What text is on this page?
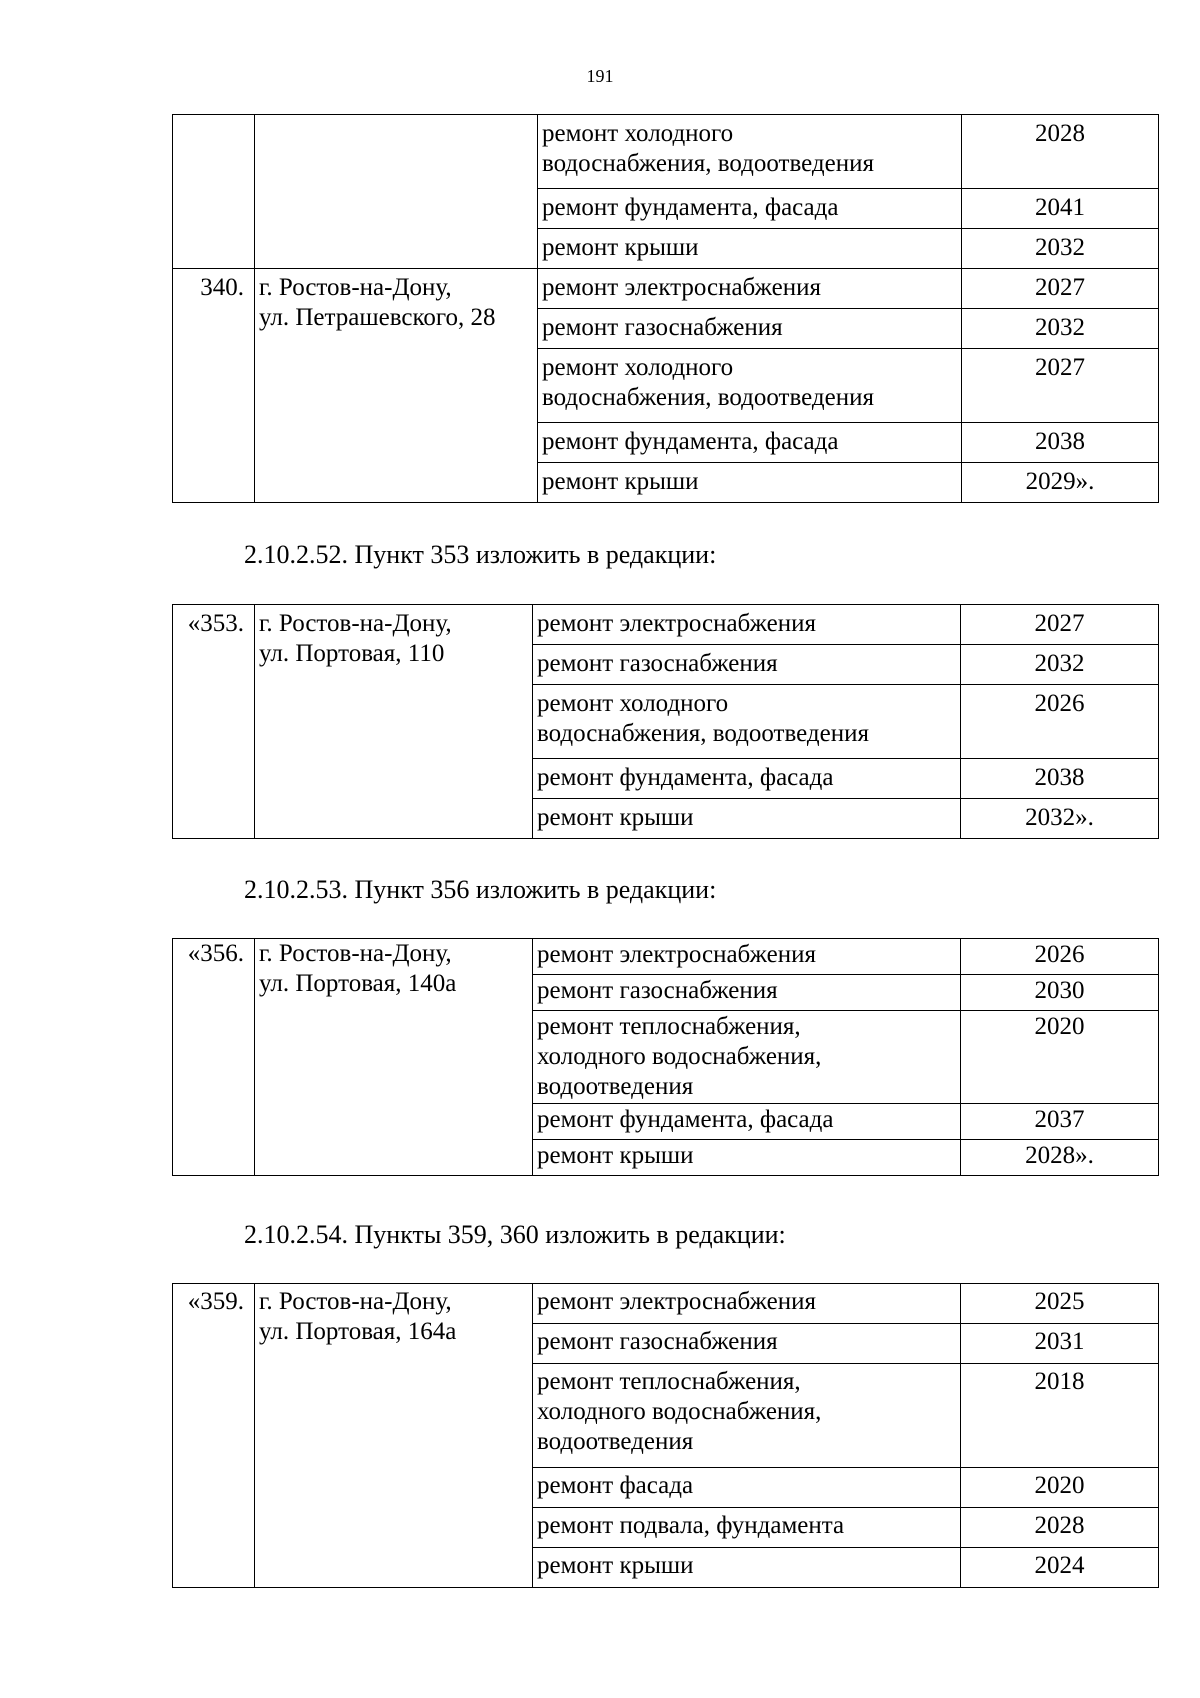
191

		ремонт холодного
водоснабжения, водоотведения	2028
		ремонт фундамента, фасада	2041
		ремонт крыши	2032
340.	г. Ростов-на-Дону,
ул. Петрашевского, 28	ремонт электроснабжения	2027
		ремонт газоснабжения	2032

		ремонт холодного
водоснабжения, водоотведения	2027
		ремонт фундамента, фасада	2038
		ремонт крыши	2029».
2.10.2.52. Пункт 353 изложить в редакции:
«353.	г. Ростов-на-Дону,
ул. Портовая, 110	ремонт электроснабжения	2027
		ремонт газоснабжения	2032

		ремонт холодного
водоснабжения, водоотведения	2026
		ремонт фундамента, фасада	2038
		ремонт крыши	2032».
2.10.2.53. Пункт 356 изложить в редакции:
«356.	г. Ростов-на-Дону,
ул. Портовая, 140а	ремонт электроснабжения	2026
		ремонт газоснабжения	2030

		ремонт теплоснабжения,
холодного водоснабжения,
водоотведения	2020
		ремонт фундамента, фасада	2037
		ремонт крыши	2028».
2.10.2.54. Пункты 359, 360 изложить в редакции:
«359.	г. Ростов-на-Дону,
ул. Портовая, 164а	ремонт электроснабжения	2025
		ремонт газоснабжения	2031

		ремонт теплоснабжения,
холодного водоснабжения,
водоотведения	2018
		ремонт фасада	2020
		ремонт подвала, фундамента	2028
		ремонт крыши	2024
